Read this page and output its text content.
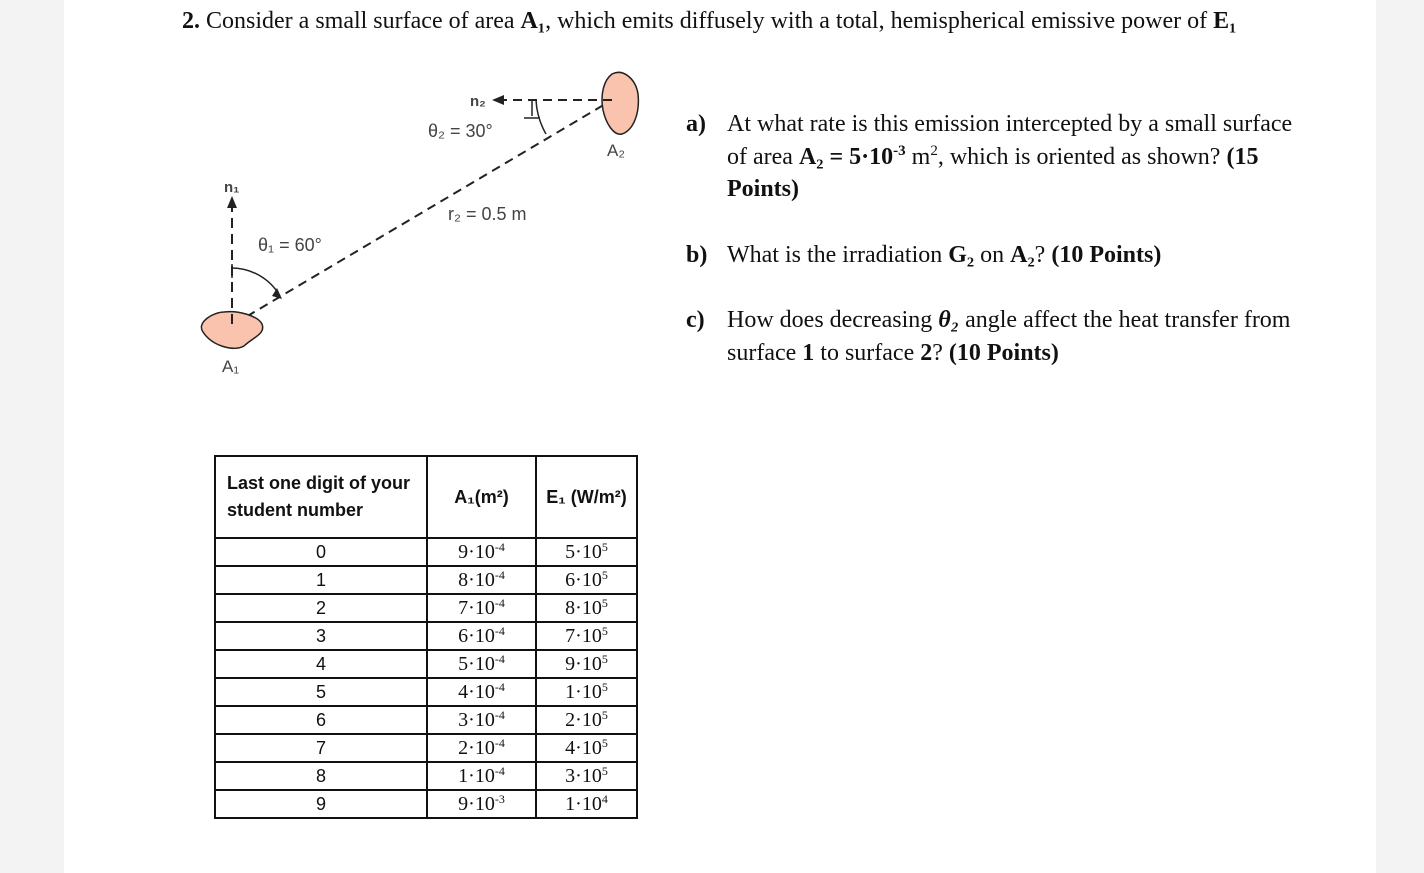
2. Consider a small surface of area A₁, which emits diffusely with a total, hemispherical emissive power of E₁
n₂
θ₂ = 30°
A₂
n₁
r₂ = 0.5 m
θ₁ = 60°
A₁
a) At what rate is this emission intercepted by a small surface of area $A_2 = 5\cdot 10^{-3}$ $m^2$, which is oriented as shown? (15 Points)
b) What is the irradiation G₂ on A₂? (10 Points)
c) How does decreasing θ₂ angle affect the heat transfer from surface 1 to surface 2? (10 Points)
Last one digit of your student number	A₁(m²)	E₁ (W/m²)
0	$9\cdot 10^{-4}$	$5\cdot 10^5$
1	$8\cdot 10^{-4}$	$6\cdot 10^5$
2	$7\cdot 10^{-4}$	$8\cdot 10^5$
3	$6\cdot 10^{-4}$	$7\cdot 10^5$
4	$5\cdot 10^{-4}$	$9\cdot 10^5$
5	$4\cdot 10^{-4}$	$1\cdot 10^5$
6	$3\cdot 10^{-4}$	$2\cdot 10^5$
7	$2\cdot 10^{-4}$	$4\cdot 10^5$
8	$1\cdot 10^{-4}$	$3\cdot 10^5$
9	$9\cdot 10^{-3}$	$1\cdot 10^4$
